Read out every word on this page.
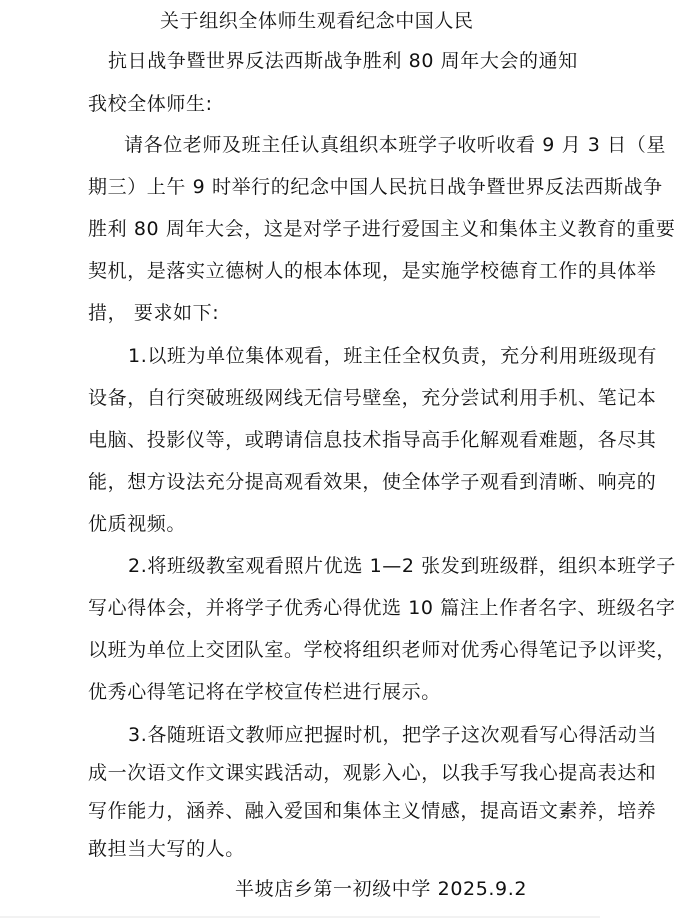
关于组织全体师生观看纪念中国人民
抗日战争暨世界反法西斯战争胜利 80 周年大会的通知
我校全体师生:
请各位老师及班主任认真组织本班学子收听收看 9 月 3 日（星
期三）上午 9 时举行的纪念中国人民抗日战争暨世界反法西斯战争
胜利 80 周年大会，这是对学子进行爱国主义和集体主义教育的重要
契机，是落实立德树人的根本体现，是实施学校德育工作的具体举
措， 要求如下:
1.以班为单位集体观看，班主任全权负责，充分利用班级现有
设备，自行突破班级网线无信号壁垒，充分尝试利用手机、笔记本
电脑、投影仪等，或聘请信息技术指导高手化解观看难题，各尽其
能，想方设法充分提高观看效果，使全体学子观看到清晰、响亮的
优质视频。
2.将班级教室观看照片优选 1—2 张发到班级群，组织本班学子
写心得体会，并将学子优秀心得优选 10 篇注上作者名字、班级名字
以班为单位上交团队室。学校将组织老师对优秀心得笔记予以评奖，
优秀心得笔记将在学校宣传栏进行展示。
3.各随班语文教师应把握时机，把学子这次观看写心得活动当
成一次语文作文课实践活动，观影入心，以我手写我心提高表达和
写作能力，涵养、融入爱国和集体主义情感，提高语文素养，培养
敢担当大写的人。
半坡店乡第一初级中学 2025.9.2
